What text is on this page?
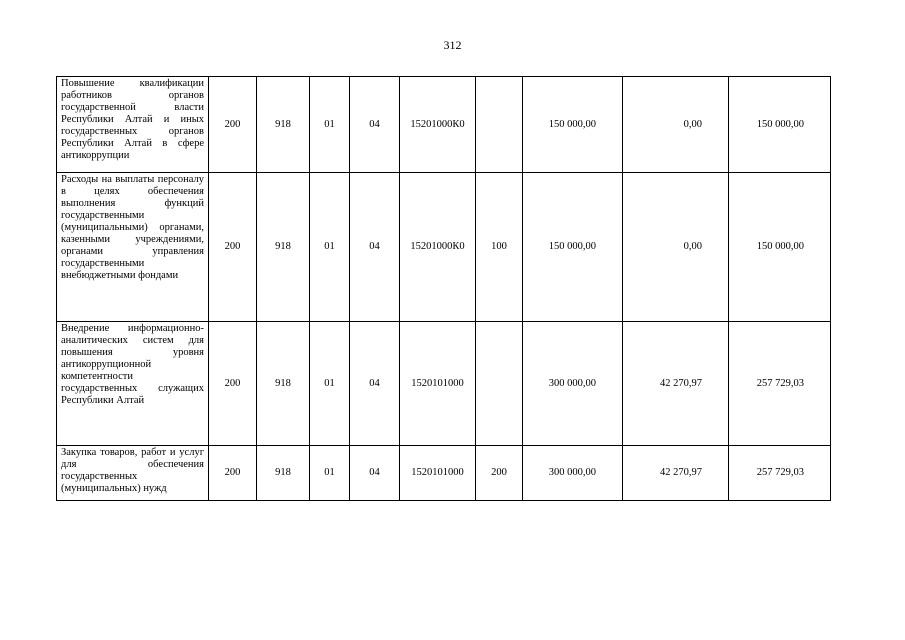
312
Повышение квалификации работников органов государственной власти Республики Алтай и иных государственных органов Республики Алтай в сфере антикоррупции	200	918	01	04	15201000К0		150 000,00	0,00	150 000,00
Расходы на выплаты персоналу в целях обеспечения выполнения функций государственными (муниципальными) органами, казенными учреждениями, органами управления государственными внебюджетными фондами	200	918	01	04	15201000К0	100	150 000,00	0,00	150 000,00
Внедрение информационно-аналитических систем для повышения уровня антикоррупционной компетентности государственных служащих Республики Алтай	200	918	01	04	1520101000		300 000,00	42 270,97	257 729,03
Закупка товаров, работ и услуг для обеспечения государственных (муниципальных) нужд	200	918	01	04	1520101000	200	300 000,00	42 270,97	257 729,03
